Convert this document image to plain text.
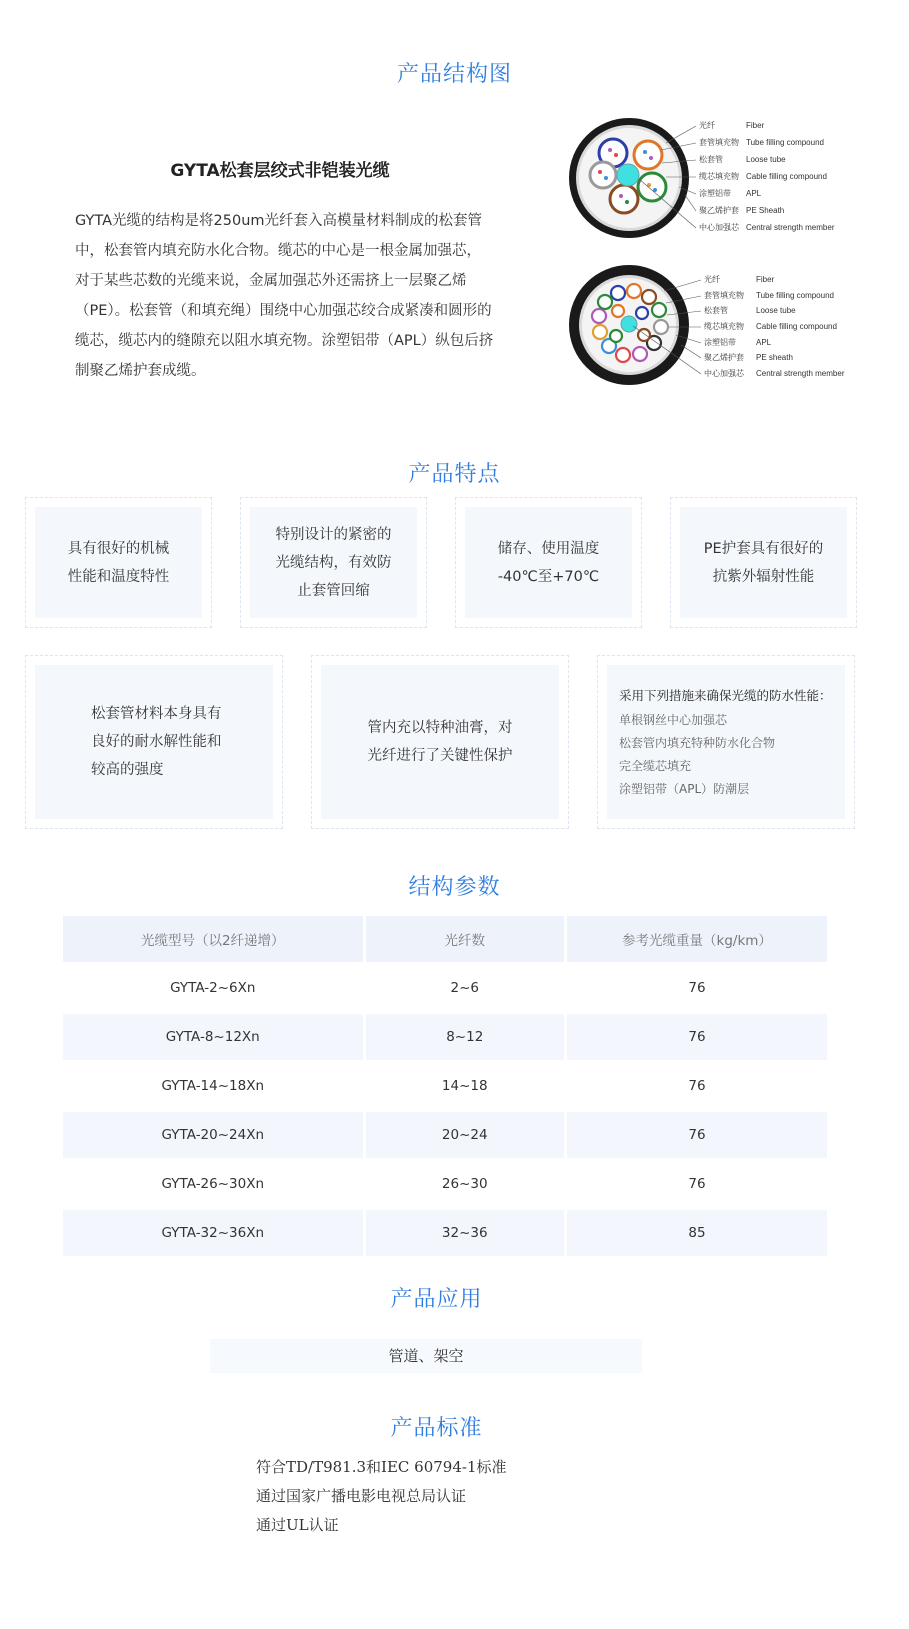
产品结构图
GYTA松套层绞式非铠装光缆
GYTA光缆的结构是将250um光纤套入高模量材料制成的松套管中，松套管内填充防水化合物。缆芯的中心是一根金属加强芯，对于某些芯数的光缆来说，金属加强芯外还需挤上一层聚乙烯（PE）。松套管（和填充绳）围绕中心加强芯绞合成紧凑和圆形的缆芯，缆芯内的缝隙充以阻水填充物。涂塑铝带（APL）纵包后挤制聚乙烯护套成缆。
光纤	Fiber
套管填充物 Tube filling compound
松套管	Loose tube
缆芯填充物 Cable filling compound
涂塑铝带 APL
聚乙烯护套 PE Sheath
中心加强芯 Central strength member
光纤	Fiber
套管填充物 Tube filling compound
松套管	Loose tube
缆芯填充物 Cable filling compound
涂塑铝带	APL
聚乙烯护套 PE sheath
中心加强芯 Central strength member
产品特点
具有很好的机械
性能和温度特性
特别设计的紧密的
光缆结构，有效防
止套管回缩
储存、使用温度
-40℃至+70℃
PE护套具有很好的
抗紫外辐射性能
松套管材料本身具有
良好的耐水解性能和
较高的强度
管内充以特种油膏，对
光纤进行了关键性保护
采用下列措施来确保光缆的防水性能：
单根钢丝中心加强芯
松套管内填充特种防水化合物
完全缆芯填充
涂塑铝带（APL）防潮层
结构参数
光缆型号（以2纤递增）	光纤数	参考光缆重量（kg/km）
GYTA-2~6Xn	2~6	76
GYTA-8~12Xn	8~12	76
GYTA-14~18Xn	14~18	76
GYTA-20~24Xn	20~24	76
GYTA-26~30Xn	26~30	76
GYTA-32~36Xn	32~36	85
产品应用
管道、架空
产品标准
符合TD/T981.3和IEC 60794-1标准
通过国家广播电影电视总局认证
通过UL认证
